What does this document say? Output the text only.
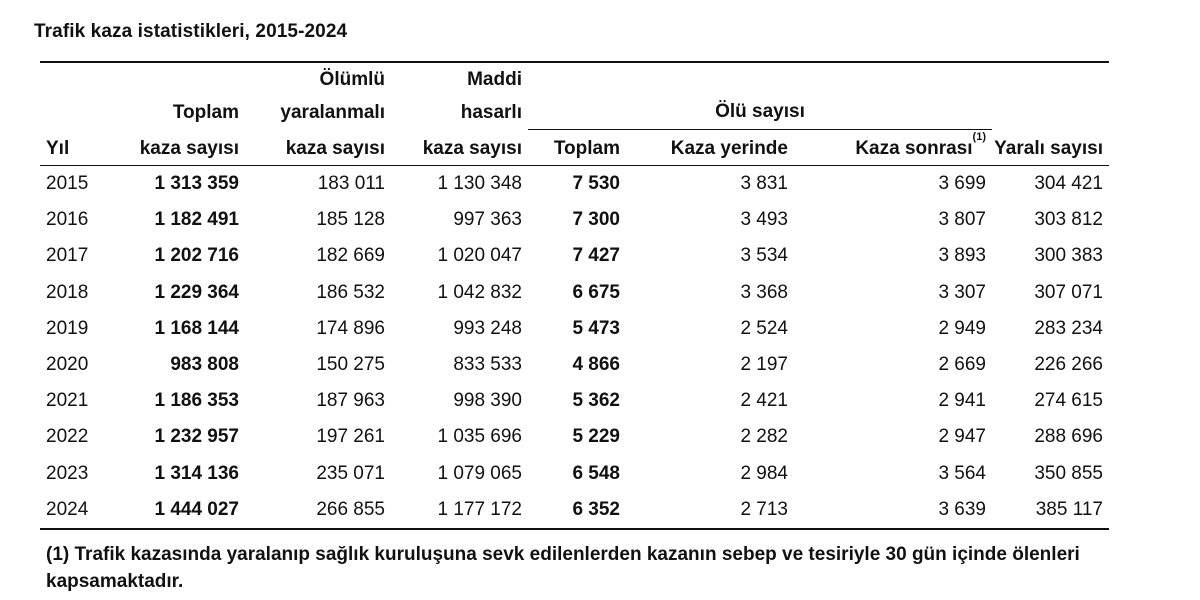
Trafik kaza istatistikleri, 2015-2024

		Ölümlü	Maddi				
	Toplam	yaralanmalı	hasarlı	Ölü sayısı			
Yıl	kaza sayısı	kaza sayısı	kaza sayısı	Toplam	Kaza yerinde	Kaza sonrası$^{(1)}$	Yaralı sayısı
2015	1 313 359	183 011	1 130 348	7 530	3 831	3 699	304 421
2016	1 182 491	185 128	997 363	7 300	3 493	3 807	303 812
2017	1 202 716	182 669	1 020 047	7 427	3 534	3 893	300 383
2018	1 229 364	186 532	1 042 832	6 675	3 368	3 307	307 071
2019	1 168 144	174 896	993 248	5 473	2 524	2 949	283 234
2020	983 808	150 275	833 533	4 866	2 197	2 669	226 266
2021	1 186 353	187 963	998 390	5 362	2 421	2 941	274 615
2022	1 232 957	197 261	1 035 696	5 229	2 282	2 947	288 696
2023	1 314 136	235 071	1 079 065	6 548	2 984	3 564	350 855
2024	1 444 027	266 855	1 177 172	6 352	2 713	3 639	385 117
(1) Trafik kazasında yaralanıp sağlık kuruluşuna sevk edilenlerden kazanın sebep ve tesiriyle 30 gün içinde ölenleri kapsamaktadır.
